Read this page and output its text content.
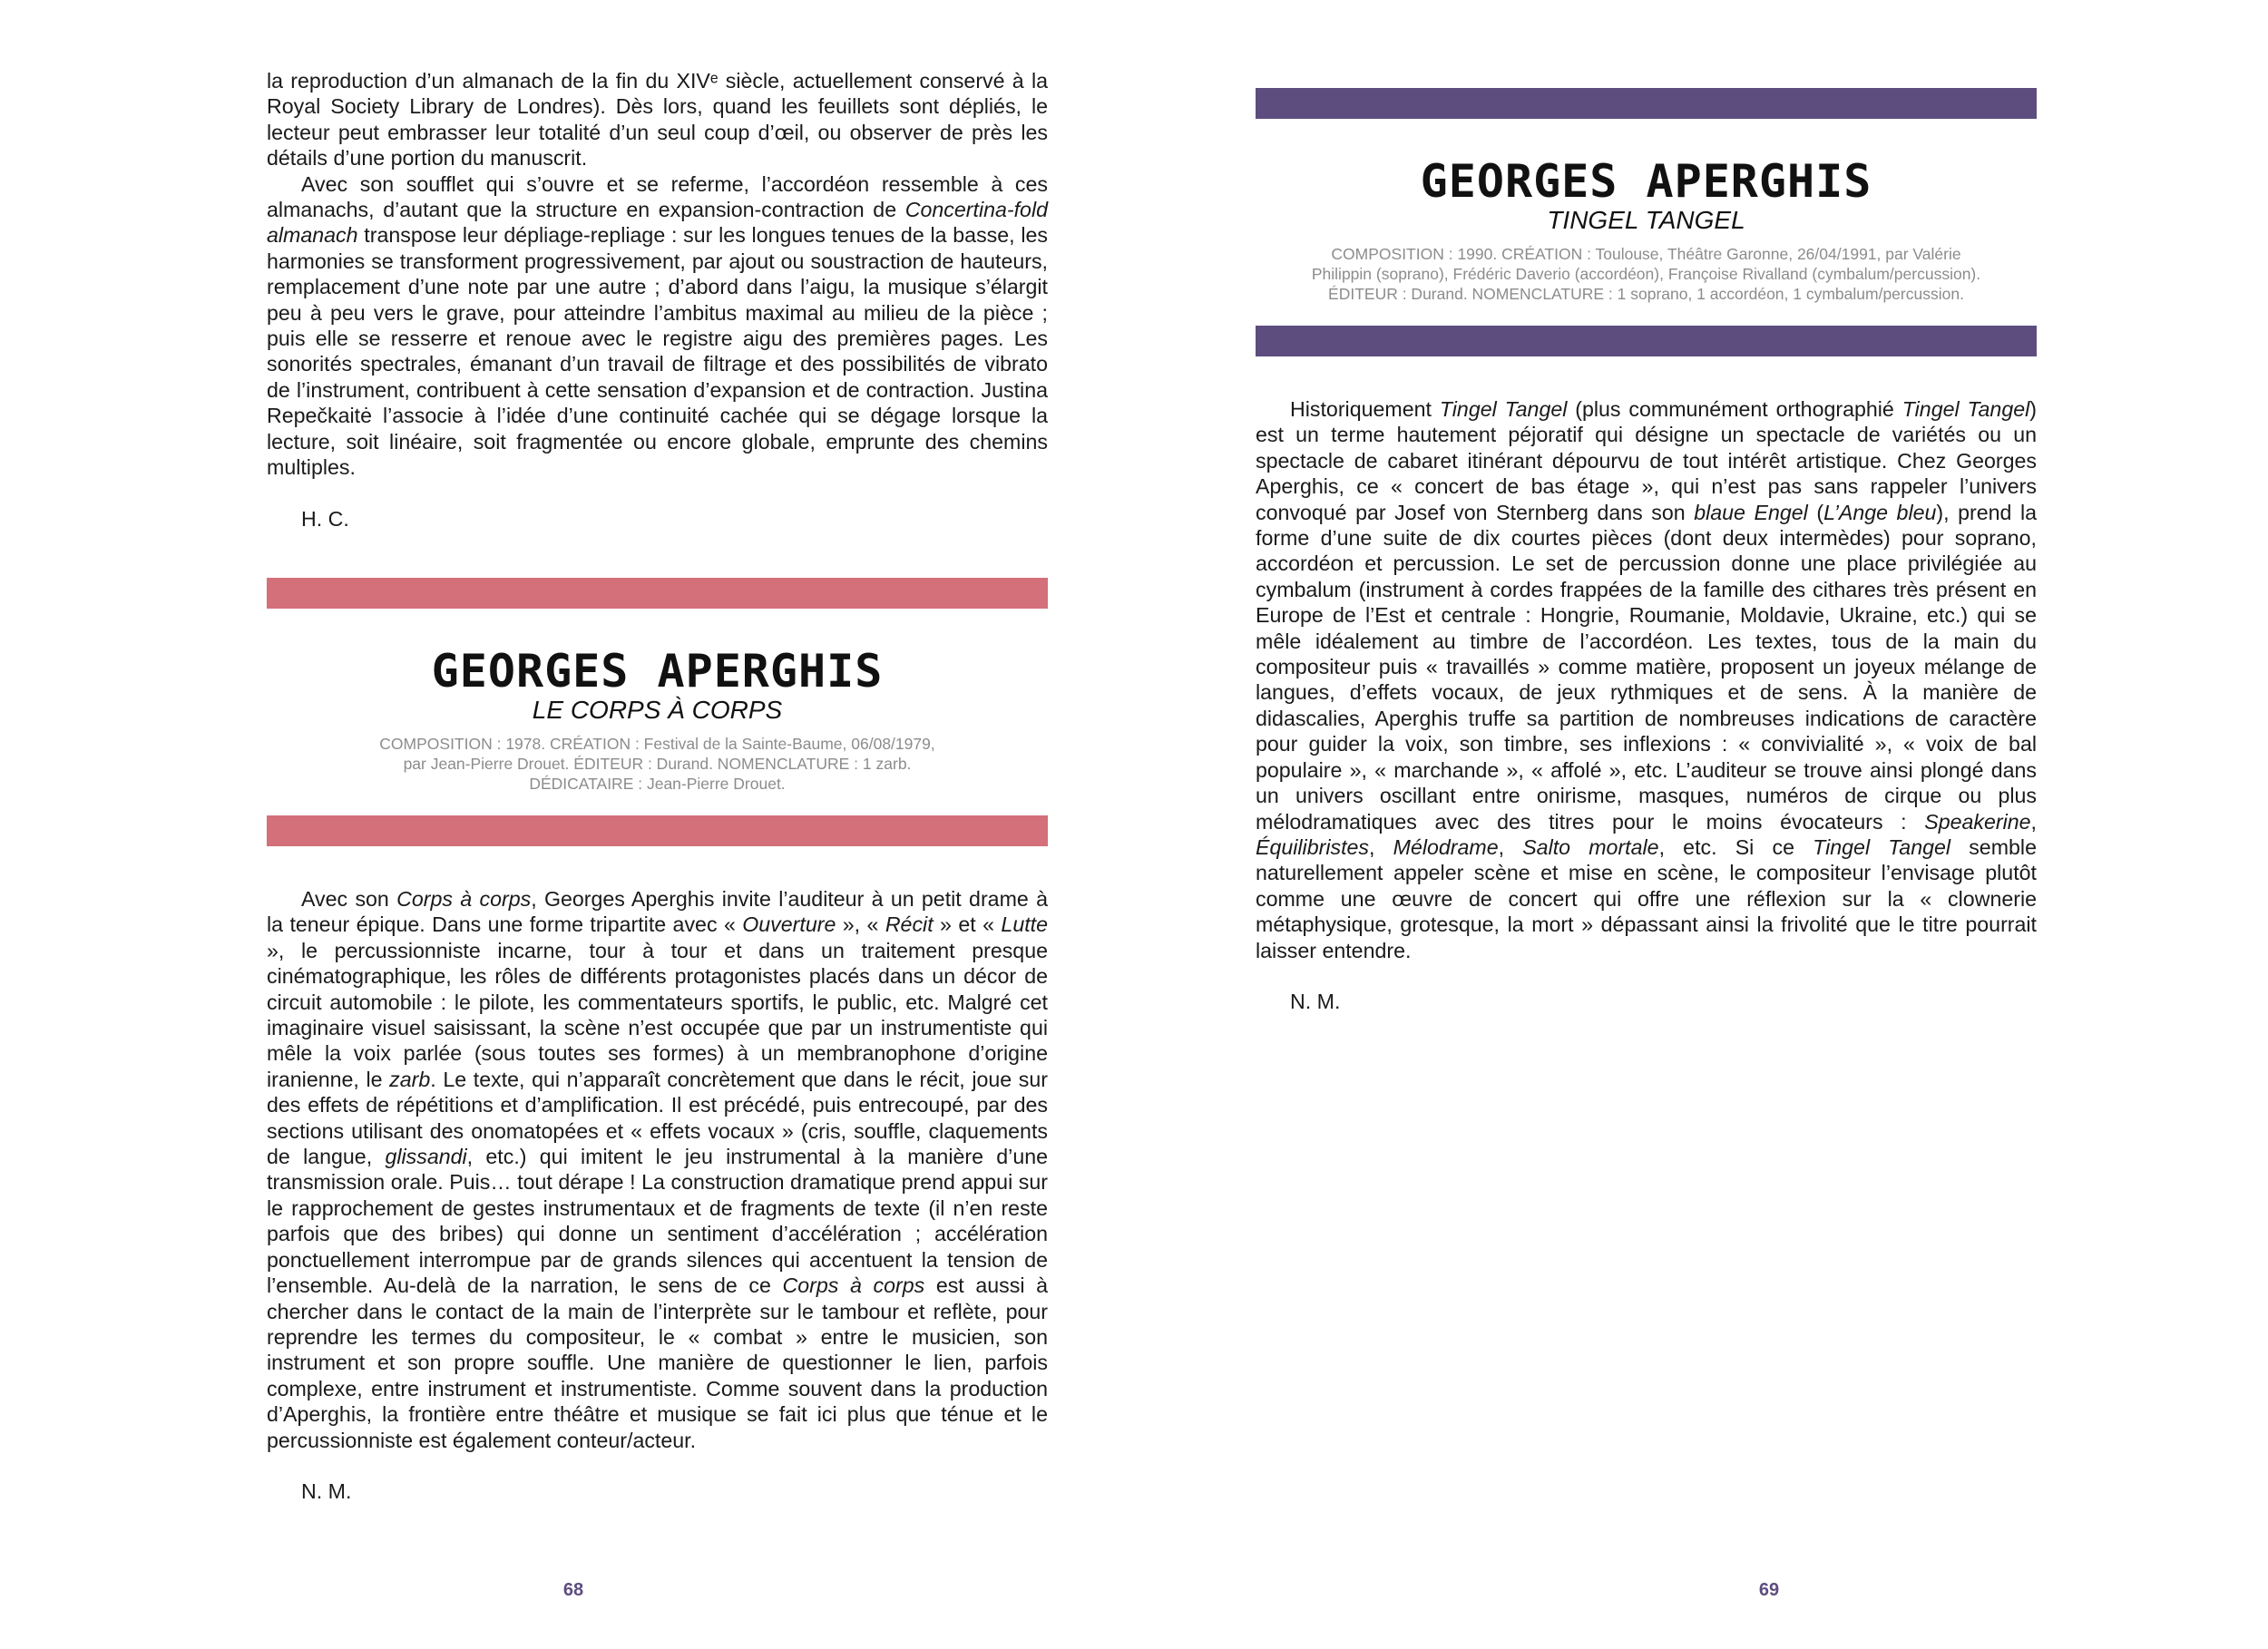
la reproduction d’un almanach de la fin du XIVᵉ siècle, actuellement conservé à la Royal Society Library de Londres). Dès lors, quand les feuillets sont dépliés, le lecteur peut embrasser leur totalité d’un seul coup d’œil, ou observer de près les détails d’une portion du manuscrit.

Avec son soufflet qui s’ouvre et se referme, l’accordéon ressemble à ces almanachs, d’autant que la structure en expansion-contraction de Concertina-fold almanach transpose leur dépliage-repliage : sur les longues tenues de la basse, les harmonies se transforment progressivement, par ajout ou soustraction de hauteurs, remplacement d’une note par une autre ; d’abord dans l’aigu, la musique s’élargit peu à peu vers le grave, pour atteindre l’ambitus maximal au milieu de la pièce ; puis elle se resserre et renoue avec le registre aigu des premières pages. Les sonorités spectrales, émanant d’un travail de filtrage et des possibilités de vibrato de l’instrument, contribuent à cette sensation d’expansion et de contraction. Justina Repečkaitė l’associe à l’idée d’une continuité cachée qui se dégage lorsque la lecture, soit linéaire, soit fragmentée ou encore globale, emprunte des chemins multiples.

H. C.
GEORGES APERGHIS
LE CORPS À CORPS
COMPOSITION : 1978. CRÉATION : Festival de la Sainte-Baume, 06/08/1979,
par Jean-Pierre Drouet. ÉDITEUR : Durand. NOMENCLATURE : 1 zarb.
DÉDICATAIRE : Jean-Pierre Drouet.

Avec son Corps à corps, Georges Aperghis invite l’auditeur à un petit drame à la teneur épique. Dans une forme tripartite avec « Ouverture », « Récit » et « Lutte », le percussionniste incarne, tour à tour et dans un traitement presque cinématographique, les rôles de différents protagonistes placés dans un décor de circuit automobile : le pilote, les commentateurs sportifs, le public, etc. Malgré cet imaginaire visuel saisissant, la scène n’est occupée que par un instrumentiste qui mêle la voix parlée (sous toutes ses formes) à un membranophone d’origine iranienne, le zarb. Le texte, qui n’apparaît concrètement que dans le récit, joue sur des effets de répétitions et d’amplification. Il est précédé, puis entrecoupé, par des sections utilisant des onomatopées et « effets vocaux » (cris, souffle, claquements de langue, glissandi, etc.) qui imitent le jeu instrumental à la manière d’une transmission orale. Puis… tout dérape ! La construction dramatique prend appui sur le rapprochement de gestes instrumentaux et de fragments de texte (il n’en reste parfois que des bribes) qui donne un sentiment d’accélération ; accélération ponctuellement interrompue par de grands silences qui accentuent la tension de l’ensemble. Au-delà de la narration, le sens de ce Corps à corps est aussi à chercher dans le contact de la main de l’interprète sur le tambour et reflète, pour reprendre les termes du compositeur, le « combat » entre le musicien, son instrument et son propre souffle. Une manière de questionner le lien, parfois complexe, entre instrument et instrumentiste. Comme souvent dans la production d’Aperghis, la frontière entre théâtre et musique se fait ici plus que ténue et le percussionniste est également conteur/acteur.

N. M.
68
GEORGES APERGHIS
TINGEL TANGEL
COMPOSITION : 1990. CRÉATION : Toulouse, Théâtre Garonne, 26/04/1991, par Valérie
Philippin (soprano), Frédéric Daverio (accordéon), Françoise Rivalland (cymbalum/percussion).
ÉDITEUR : Durand. NOMENCLATURE : 1 soprano, 1 accordéon, 1 cymbalum/percussion.

Historiquement Tingel Tangel (plus communément orthographié Tingel Tangel) est un terme hautement péjoratif qui désigne un spectacle de variétés ou un spectacle de cabaret itinérant dépourvu de tout intérêt artistique. Chez Georges Aperghis, ce « concert de bas étage », qui n’est pas sans rappeler l’univers convoqué par Josef von Sternberg dans son blaue Engel (L’Ange bleu), prend la forme d’une suite de dix courtes pièces (dont deux intermèdes) pour soprano, accordéon et percussion. Le set de percussion donne une place privilégiée au cymbalum (instrument à cordes frappées de la famille des cithares très présent en Europe de l’Est et centrale : Hongrie, Roumanie, Moldavie, Ukraine, etc.) qui se mêle idéalement au timbre de l’accordéon. Les textes, tous de la main du compositeur puis « travaillés » comme matière, proposent un joyeux mélange de langues, d’effets vocaux, de jeux rythmiques et de sens. À la manière de didascalies, Aperghis truffe sa partition de nombreuses indications de caractère pour guider la voix, son timbre, ses inflexions : « convivialité », « voix de bal populaire », « marchande », « affolé », etc. L’auditeur se trouve ainsi plongé dans un univers oscillant entre onirisme, masques, numéros de cirque ou plus mélodramatiques avec des titres pour le moins évocateurs : Speakerine, Équilibristes, Mélodrame, Salto mortale, etc. Si ce Tingel Tangel semble naturellement appeler scène et mise en scène, le compositeur l’envisage plutôt comme une œuvre de concert qui offre une réflexion sur la « clownerie métaphysique, grotesque, la mort » dépassant ainsi la frivolité que le titre pourrait laisser entendre.

N. M.
69
